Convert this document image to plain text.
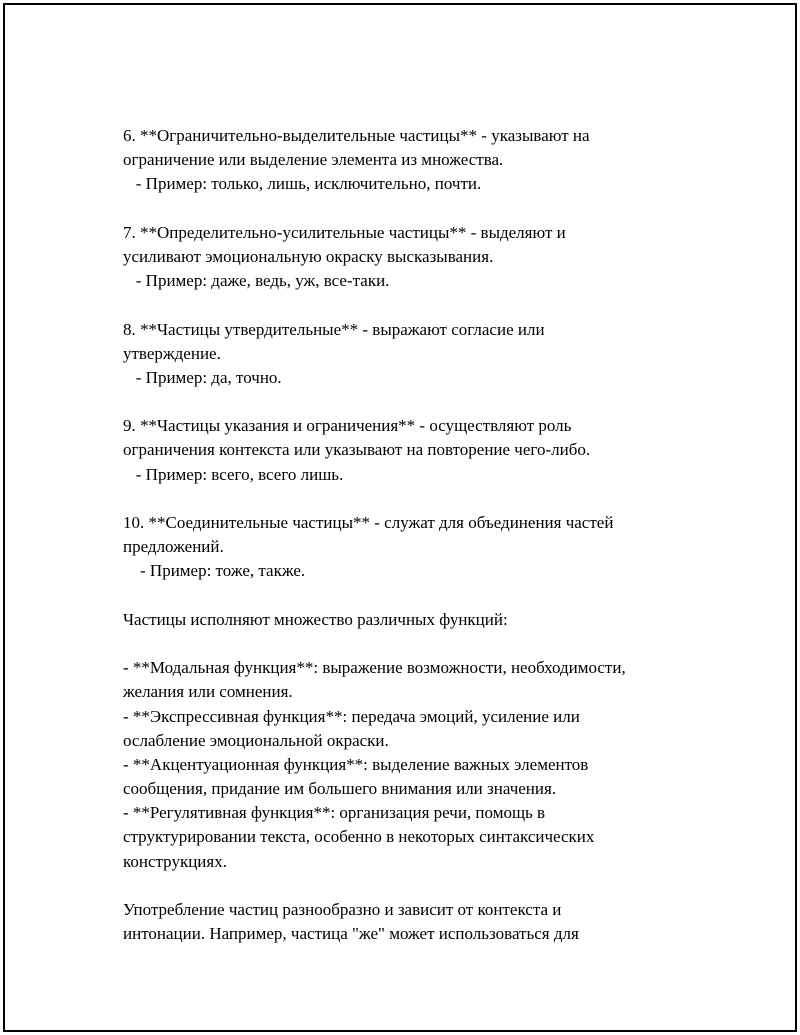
6. **Ограничительно-выделительные частицы** - указывают на
ограничение или выделение элемента из множества.
- Пример: только, лишь, исключительно, почти.
7. **Определительно-усилительные частицы** - выделяют и
усиливают эмоциональную окраску высказывания.
- Пример: даже, ведь, уж, все-таки.
8. **Частицы утвердительные** - выражают согласие или
утверждение.
- Пример: да, точно.
9. **Частицы указания и ограничения** - осуществляют роль
ограничения контекста или указывают на повторение чего-либо.
- Пример: всего, всего лишь.
10. **Соединительные частицы** - служат для объединения частей
предложений.
- Пример: тоже, также.
Частицы исполняют множество различных функций:
- **Модальная функция**: выражение возможности, необходимости,
желания или сомнения.
- **Экспрессивная функция**: передача эмоций, усиление или
ослабление эмоциональной окраски.
- **Акцентуационная функция**: выделение важных элементов
сообщения, придание им большего внимания или значения.
- **Регулятивная функция**: организация речи, помощь в
структурировании текста, особенно в некоторых синтаксических
конструкциях.
Употребление частиц разнообразно и зависит от контекста и
интонации. Например, частица "же" может использоваться для
